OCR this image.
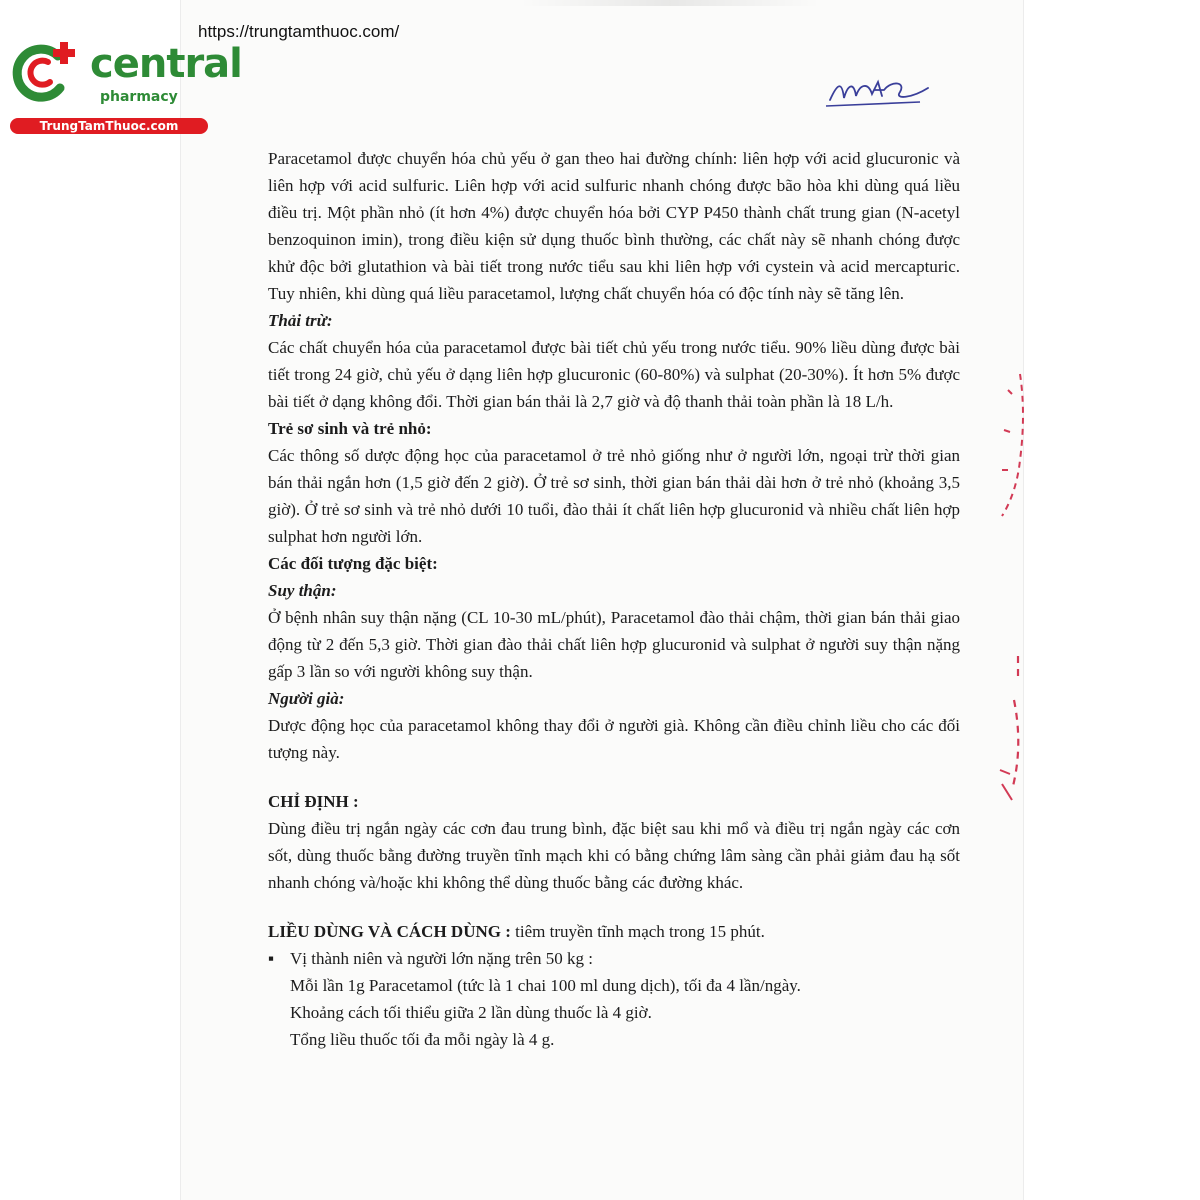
https://trungtamthuoc.com/
central
pharmacy
TrungTamThuoc.com

Paracetamol được chuyển hóa chủ yếu ở gan theo hai đường chính: liên hợp với acid glucuronic và liên hợp với acid sulfuric. Liên hợp với acid sulfuric nhanh chóng được bão hòa khi dùng quá liều điều trị. Một phần nhỏ (ít hơn 4%) được chuyển hóa bởi CYP P450 thành chất trung gian (N-acetyl benzoquinon imin), trong điều kiện sử dụng thuốc bình thường, các chất này sẽ nhanh chóng được khử độc bởi glutathion và bài tiết trong nước tiểu sau khi liên hợp với cystein và acid mercapturic. Tuy nhiên, khi dùng quá liều paracetamol, lượng chất chuyển hóa có độc tính này sẽ tăng lên.

Thải trừ:

Các chất chuyển hóa của paracetamol được bài tiết chủ yếu trong nước tiểu. 90% liều dùng được bài tiết trong 24 giờ, chủ yếu ở dạng liên hợp glucuronic (60-80%) và sulphat (20-30%). Ít hơn 5% được bài tiết ở dạng không đổi. Thời gian bán thải là 2,7 giờ và độ thanh thải toàn phần là 18 L/h.

Trẻ sơ sinh và trẻ nhỏ:

Các thông số dược động học của paracetamol ở trẻ nhỏ giống như ở người lớn, ngoại trừ thời gian bán thải ngắn hơn (1,5 giờ đến 2 giờ). Ở trẻ sơ sinh, thời gian bán thải dài hơn ở trẻ nhỏ (khoảng 3,5 giờ). Ở trẻ sơ sinh và trẻ nhỏ dưới 10 tuổi, đào thải ít chất liên hợp glucuronid và nhiều chất liên hợp sulphat hơn người lớn.

Các đối tượng đặc biệt:

Suy thận:

Ở bệnh nhân suy thận nặng (CL 10-30 mL/phút), Paracetamol đào thải chậm, thời gian bán thải giao động từ 2 đến 5,3 giờ. Thời gian đào thải chất liên hợp glucuronid và sulphat ở người suy thận nặng gấp 3 lần so với người không suy thận.

Người già:

Dược động học của paracetamol không thay đổi ở người già. Không cần điều chỉnh liều cho các đối tượng này.

CHỈ ĐỊNH :

Dùng điều trị ngắn ngày các cơn đau trung bình, đặc biệt sau khi mổ và điều trị ngắn ngày các cơn sốt, dùng thuốc bằng đường truyền tĩnh mạch khi có bằng chứng lâm sàng cần phải giảm đau hạ sốt nhanh chóng và/hoặc khi không thể dùng thuốc bằng các đường khác.

LIỀU DÙNG VÀ CÁCH DÙNG : tiêm truyền tĩnh mạch trong 15 phút.

▪ Vị thành niên và người lớn nặng trên 50 kg :

Mỗi lần 1g Paracetamol (tức là 1 chai 100 ml dung dịch), tối đa 4 lần/ngày.

Khoảng cách tối thiểu giữa 2 lần dùng thuốc là 4 giờ.

Tổng liều thuốc tối đa mỗi ngày là 4 g.
